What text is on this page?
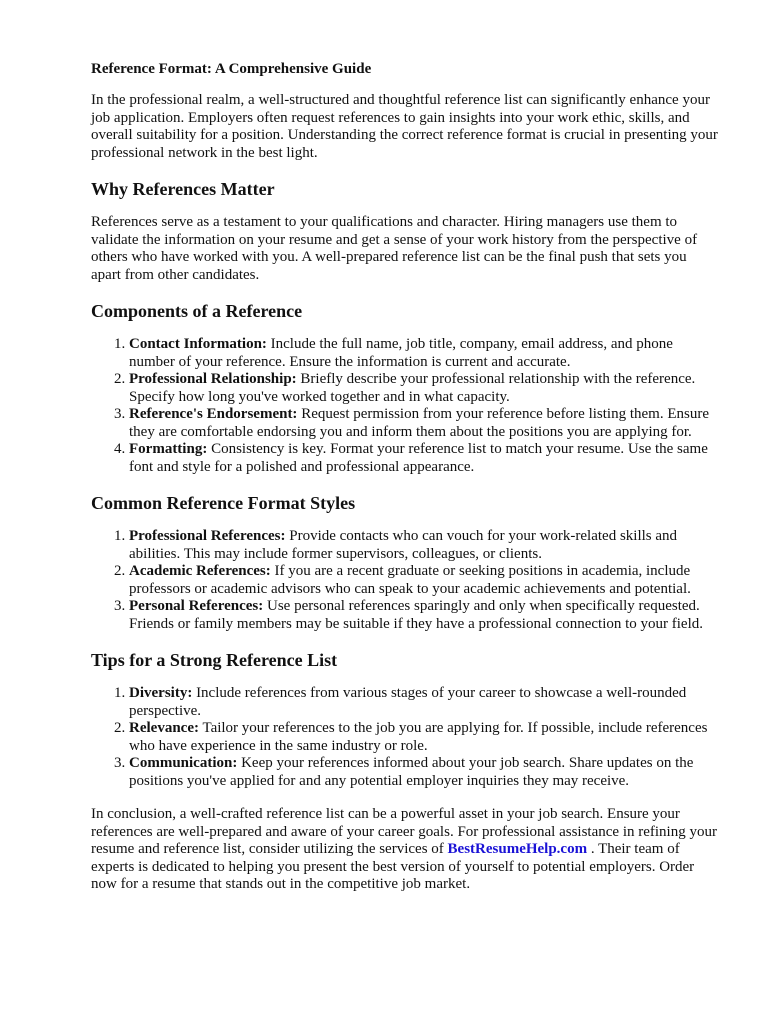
Reference Format: A Comprehensive Guide

In the professional realm, a well-structured and thoughtful reference list can significantly enhance your job application. Employers often request references to gain insights into your work ethic, skills, and overall suitability for a position. Understanding the correct reference format is crucial in presenting your professional network in the best light.

Why References Matter

References serve as a testament to your qualifications and character. Hiring managers use them to validate the information on your resume and get a sense of your work history from the perspective of others who have worked with you. A well-prepared reference list can be the final push that sets you apart from other candidates.

Components of a Reference
1. Contact Information: Include the full name, job title, company, email address, and phone number of your reference. Ensure the information is current and accurate.
2. Professional Relationship: Briefly describe your professional relationship with the reference. Specify how long you've worked together and in what capacity.
3. Reference's Endorsement: Request permission from your reference before listing them. Ensure they are comfortable endorsing you and inform them about the positions you are applying for.
4. Formatting: Consistency is key. Format your reference list to match your resume. Use the same font and style for a polished and professional appearance.
Common Reference Format Styles
1. Professional References: Provide contacts who can vouch for your work-related skills and abilities. This may include former supervisors, colleagues, or clients.
2. Academic References: If you are a recent graduate or seeking positions in academia, include professors or academic advisors who can speak to your academic achievements and potential.
3. Personal References: Use personal references sparingly and only when specifically requested. Friends or family members may be suitable if they have a professional connection to your field.
Tips for a Strong Reference List
1. Diversity: Include references from various stages of your career to showcase a well-rounded perspective.
2. Relevance: Tailor your references to the job you are applying for. If possible, include references who have experience in the same industry or role.
3. Communication: Keep your references informed about your job search. Share updates on the positions you've applied for and any potential employer inquiries they may receive.

In conclusion, a well-crafted reference list can be a powerful asset in your job search. Ensure your references are well-prepared and aware of your career goals. For professional assistance in refining your resume and reference list, consider utilizing the services of BestResumeHelp.com . Their team of experts is dedicated to helping you present the best version of yourself to potential employers. Order now for a resume that stands out in the competitive job market.
